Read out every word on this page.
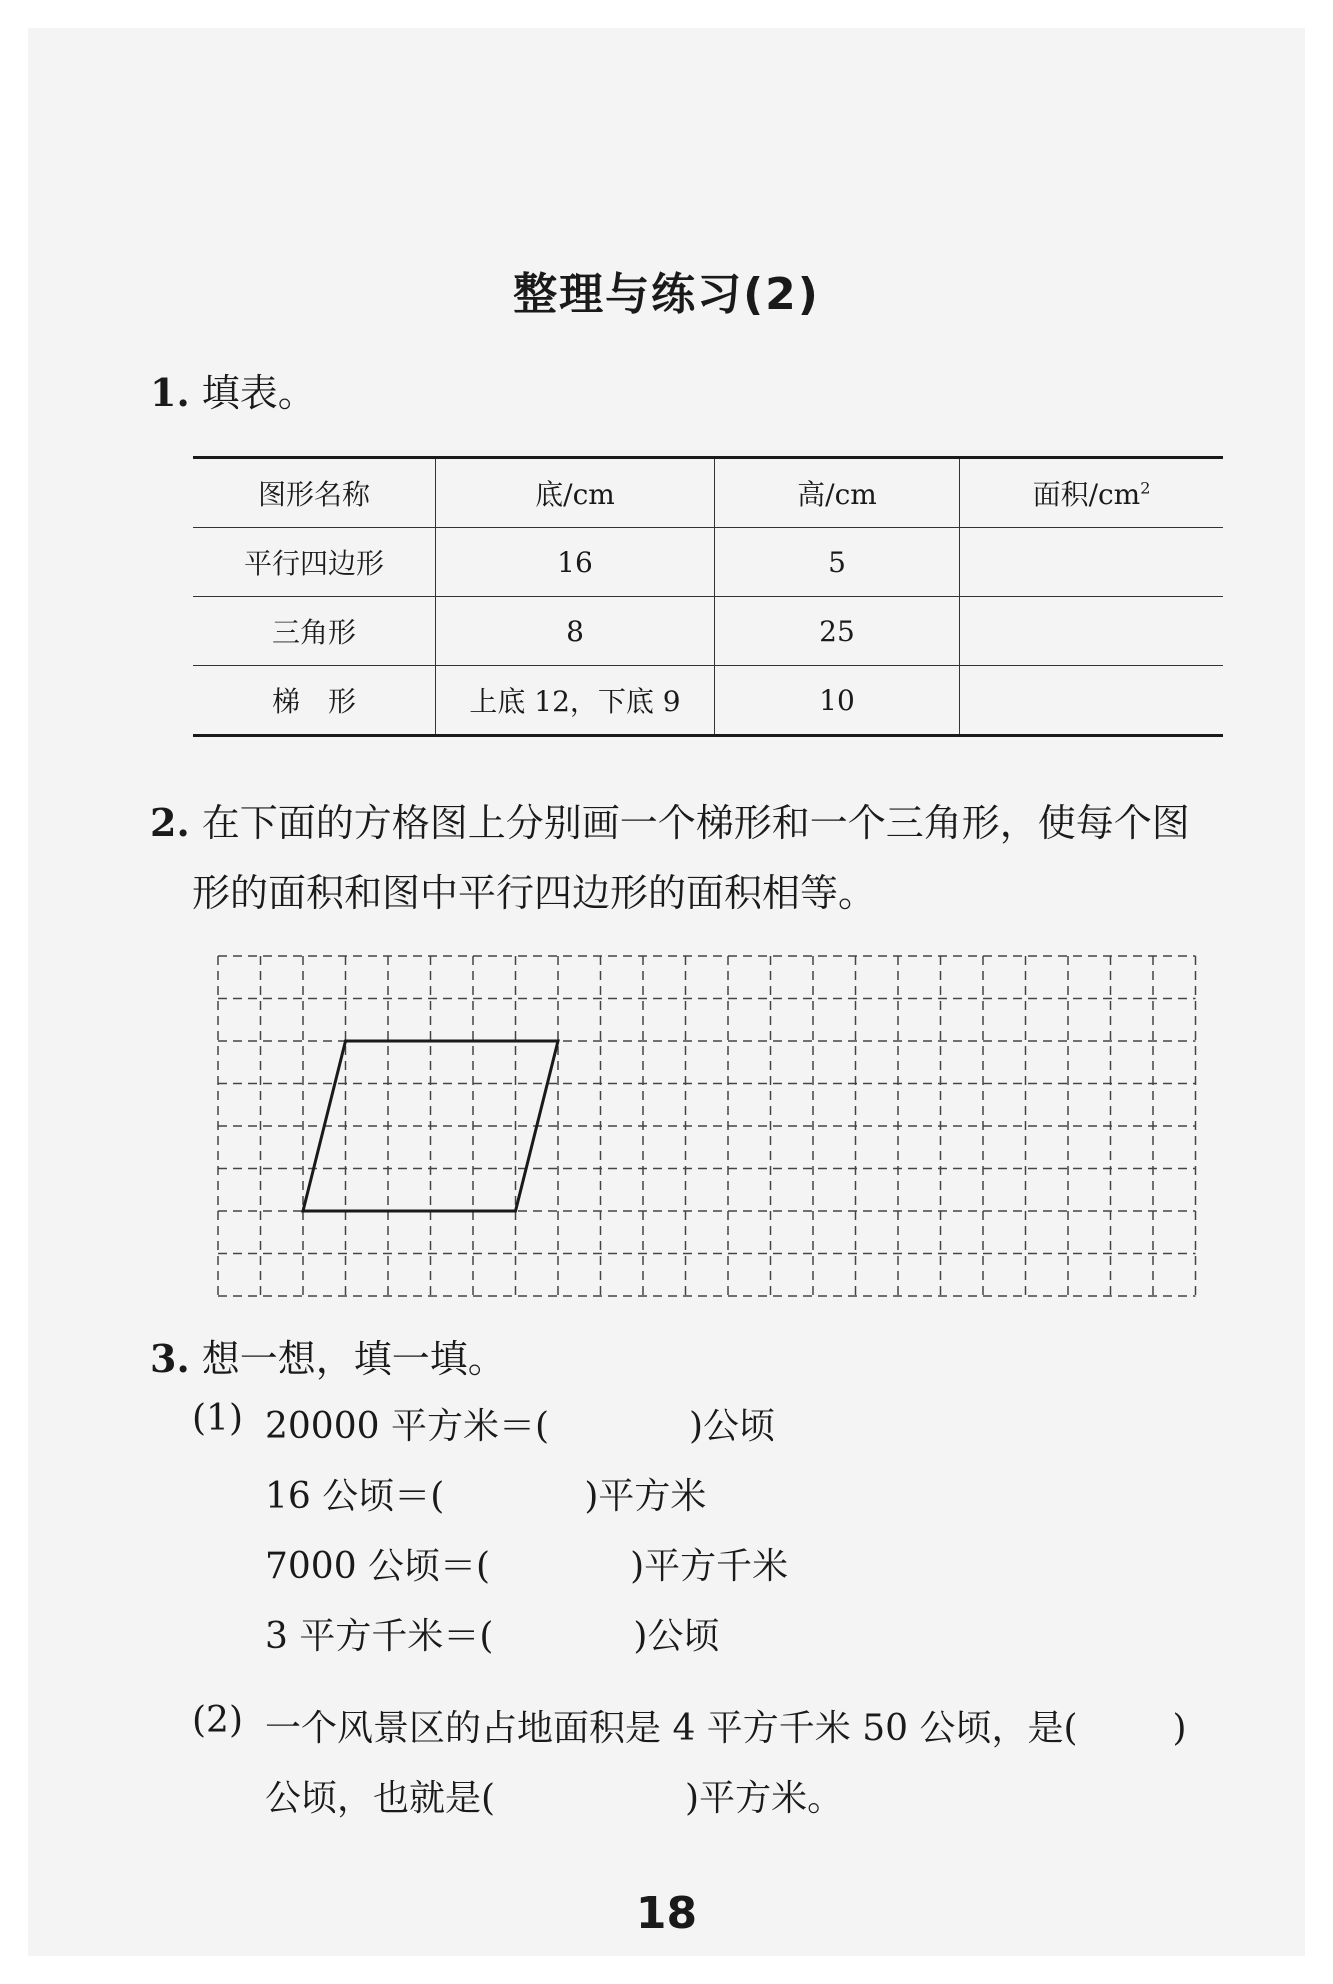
整理与练习(2)
1. 填表。
图形名称	底/cm	高/cm	面积$/cm^2$
平行四边形	16	5	
三角形	8	25	
梯　形	上底 12，下底 9	10	
2. 在下面的方格图上分别画一个梯形和一个三角形，使每个图
形的面积和图中平行四边形的面积相等。
3. 想一想，填一填。
(1) 20000 平方米＝(	)公顷
16 公顷＝(	)平方米
7000 公顷＝(	)平方千米
3 平方千米＝(	)公顷
(2) 一个风景区的占地面积是 4 平方千米 50 公顷，是(	)
公顷，也就是(	)平方米。
18
